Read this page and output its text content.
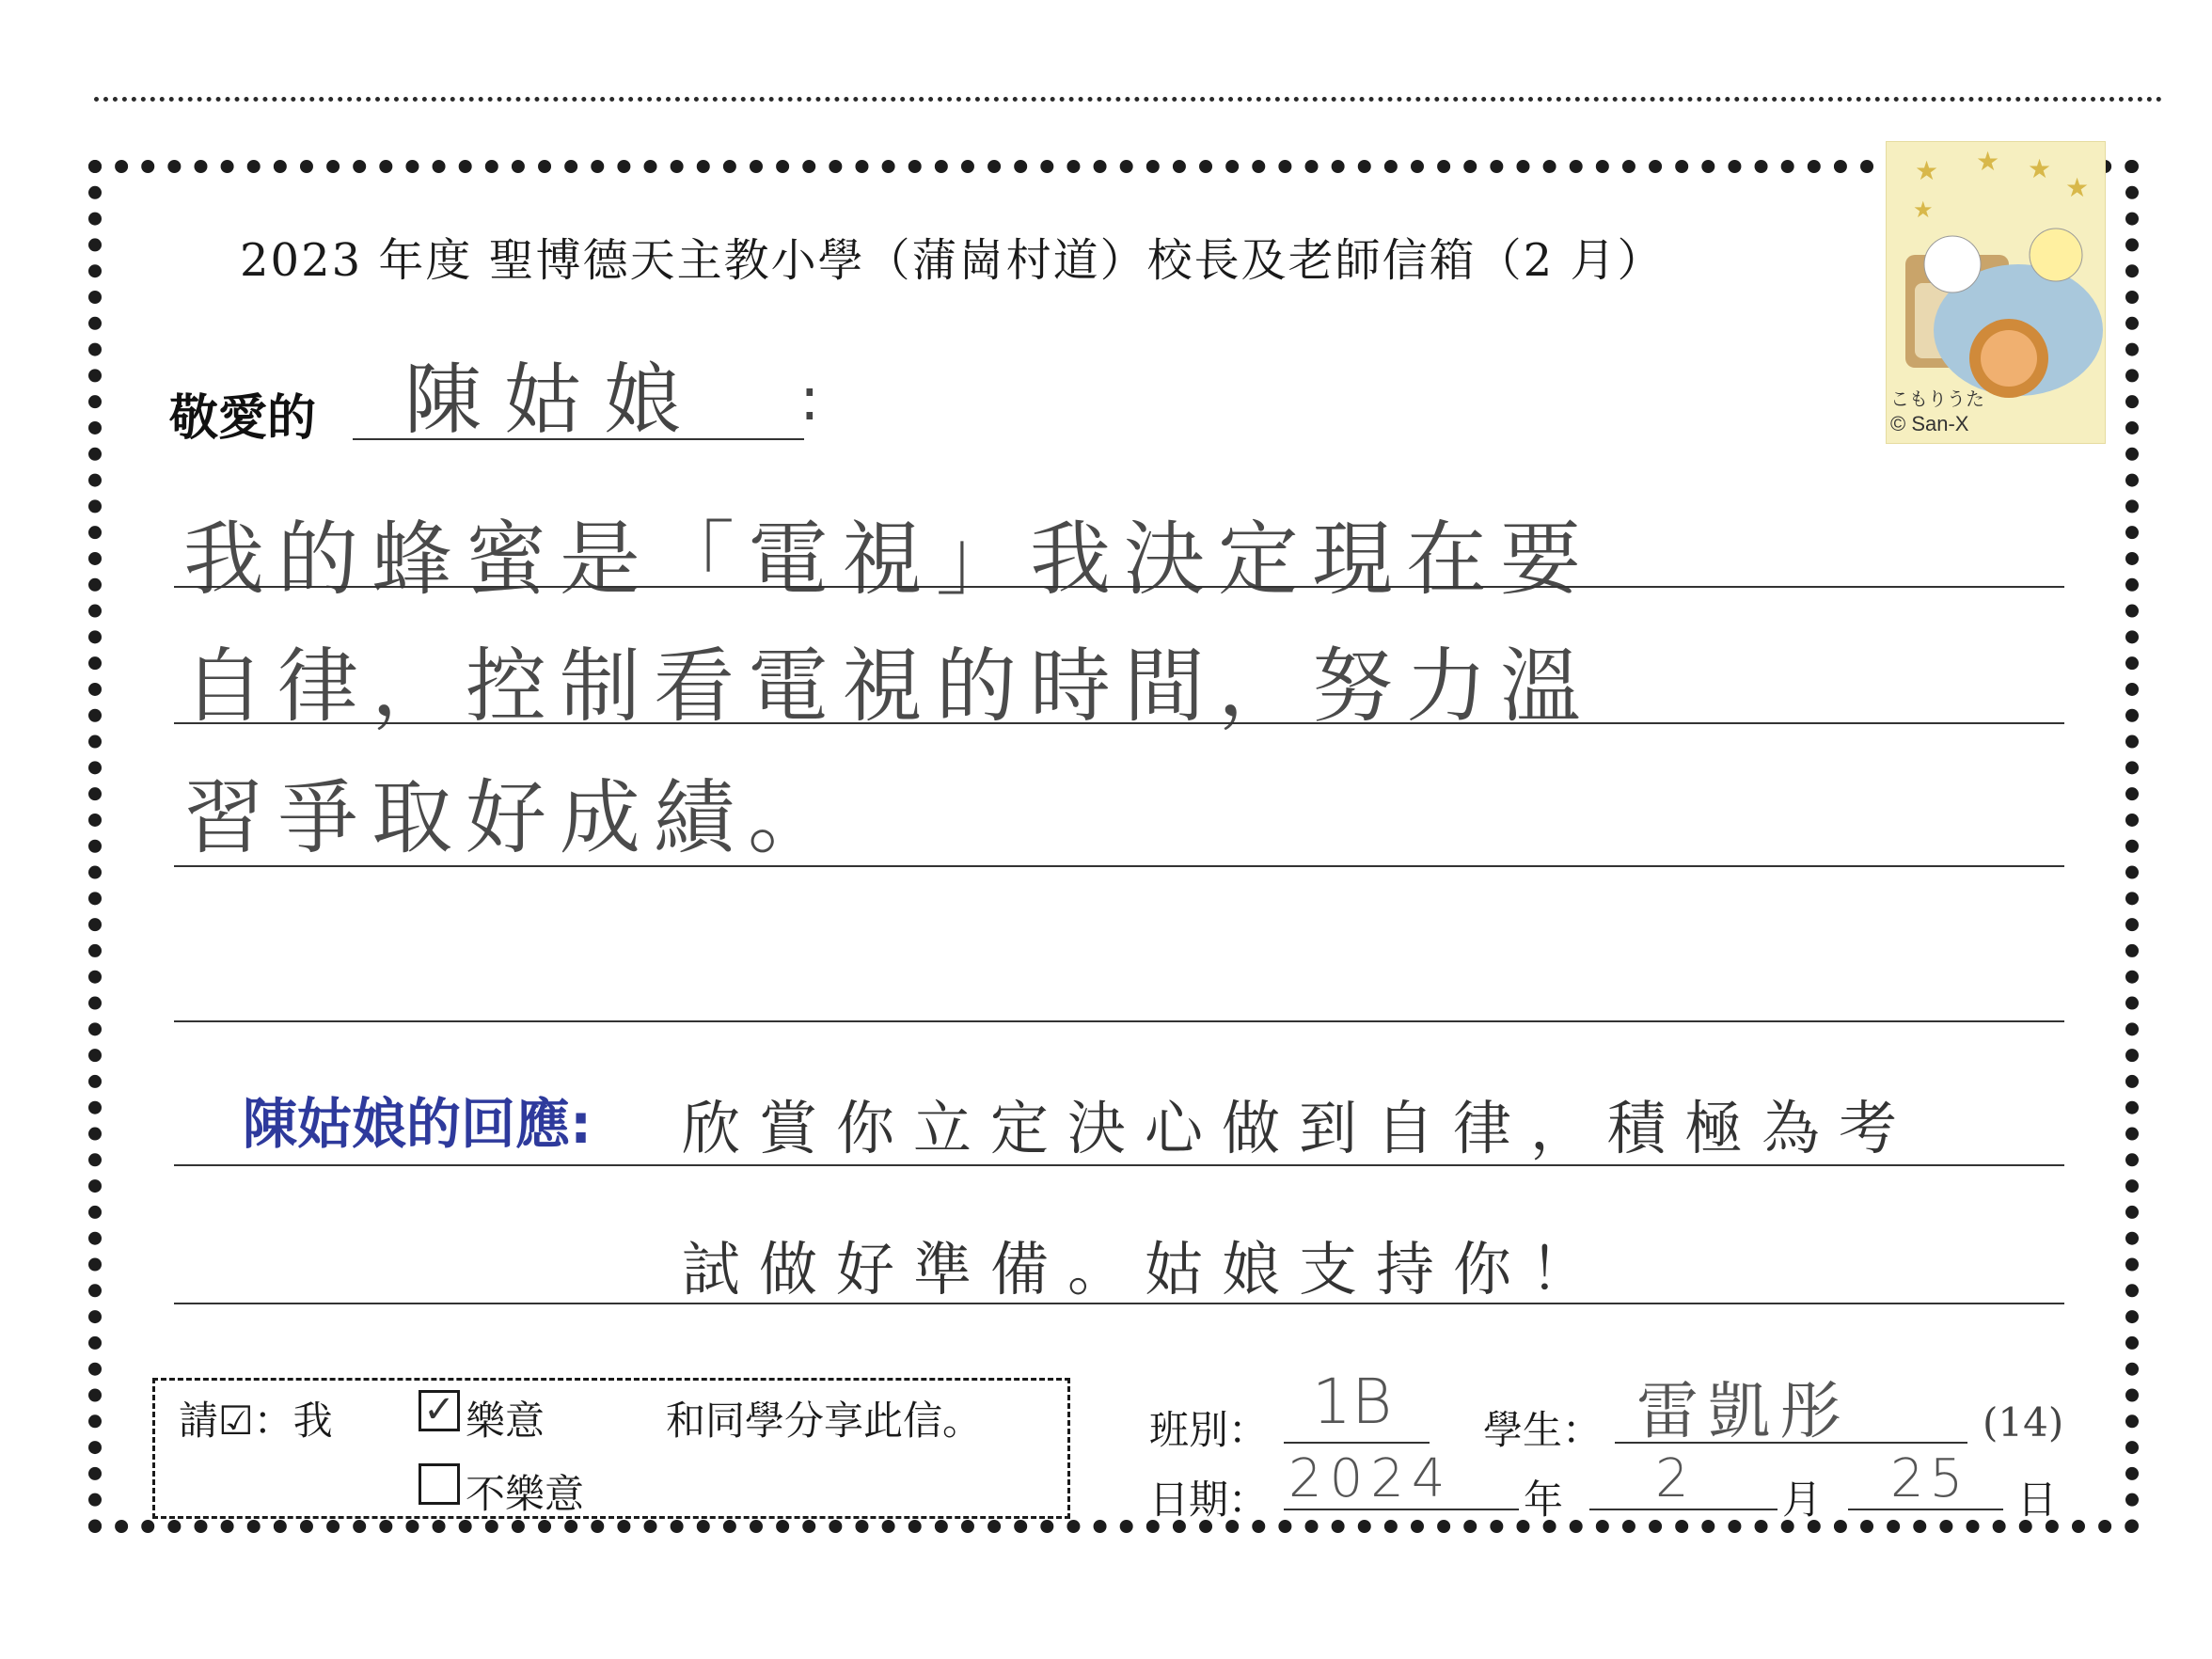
2023 年度 聖博德天主教小學（蒲崗村道）校長及老師信箱（2 月）
★ ★ ★
★
★
こもりうた
© San-X
敬愛的 陳姑娘 :
我的蜂蜜是「電視」我決定現在要
自律，控制看電視的時間，努力溫
習爭取好成績。
陳姑娘的回應: 欣賞你立定決心做到自律，積極為考
試做好準備。姑娘支持你！
請☑：我 ✓ 樂意	和同學分享此信。
不樂意
班別： 1B 學生： 雷凱彤	(14)
日期： 2024 年 2 月 25 日
